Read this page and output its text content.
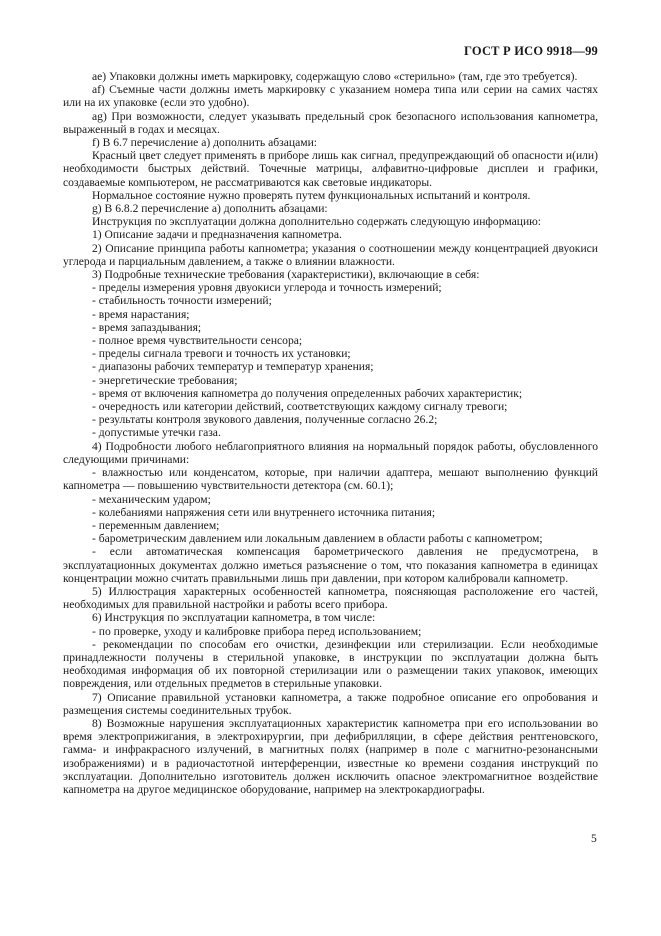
ГОСТ Р ИСО 9918—99

ae) Упаковки должны иметь маркировку, содержащую слово «стерильно» (там, где это требуется).

af) Съемные части должны иметь маркировку с указанием номера типа или серии на самих частях или на их упаковке (если это удобно).

ag) При возможности, следует указывать предельный срок безопасного использования капнометра, выраженный в годах и месяцах.

f) В 6.7 перечисление а) дополнить абзацами:

Красный цвет следует применять в приборе лишь как сигнал, предупреждающий об опасности и(или) необходимости быстрых действий. Точечные матрицы, алфавитно-цифровые дисплеи и графики, создаваемые компьютером, не рассматриваются как световые индикаторы.

Нормальное состояние нужно проверять путем функциональных испытаний и контроля.

g) В 6.8.2 перечисление а) дополнить абзацами:

Инструкция по эксплуатации должна дополнительно содержать следующую информацию:

1) Описание задачи и предназначения капнометра.

2) Описание принципа работы капнометра; указания о соотношении между концентрацией двуокиси углерода и парциальным давлением, а также о влиянии влажности.

3) Подробные технические требования (характеристики), включающие в себя:

- пределы измерения уровня двуокиси углерода и точность измерений;

- стабильность точности измерений;

- время нарастания;

- время запаздывания;

- полное время чувствительности сенсора;

- пределы сигнала тревоги и точность их установки;

- диапазоны рабочих температур и температур хранения;

- энергетические требования;

- время от включения капнометра до получения определенных рабочих характеристик;

- очередность или категории действий, соответствующих каждому сигналу тревоги;

- результаты контроля звукового давления, полученные согласно 26.2;

- допустимые утечки газа.

4) Подробности любого неблагоприятного влияния на нормальный порядок работы, обусловленного следующими причинами:

- влажностью или конденсатом, которые, при наличии адаптера, мешают выполнению функций капнометра — повышению чувствительности детектора (см. 60.1);

- механическим ударом;

- колебаниями напряжения сети или внутреннего источника питания;

- переменным давлением;

- барометрическим давлением или локальным давлением в области работы с капнометром;

- если автоматическая компенсация барометрического давления не предусмотрена, в эксплуатационных документах должно иметься разъяснение о том, что показания капнометра в единицах концентрации можно считать правильными лишь при давлении, при котором калибровали капнометр.

5) Иллюстрация характерных особенностей капнометра, поясняющая расположение его частей, необходимых для правильной настройки и работы всего прибора.

6) Инструкция по эксплуатации капнометра, в том числе:

- по проверке, уходу и калибровке прибора перед использованием;

- рекомендации по способам его очистки, дезинфекции или стерилизации. Если необходимые принадлежности получены в стерильной упаковке, в инструкции по эксплуатации должна быть необходимая информация об их повторной стерилизации или о размещении таких упаковок, имеющих повреждения, или отдельных предметов в стерильные упаковки.

7) Описание правильной установки капнометра, а также подробное описание его опробования и размещения системы соединительных трубок.

8) Возможные нарушения эксплуатационных характеристик капнометра при его использовании во время электроприжигания, в электрохирургии, при дефибрилляции, в сфере действия рентгеновского, гамма- и инфракрасного излучений, в магнитных полях (например в поле с магнитно-резонансными изображениями) и в радиочастотной интерференции, известные ко времени создания инструкций по эксплуатации. Дополнительно изготовитель должен исключить опасное электромагнитное воздействие капнометра на другое медицинское оборудование, например на электрокардиографы.

5
